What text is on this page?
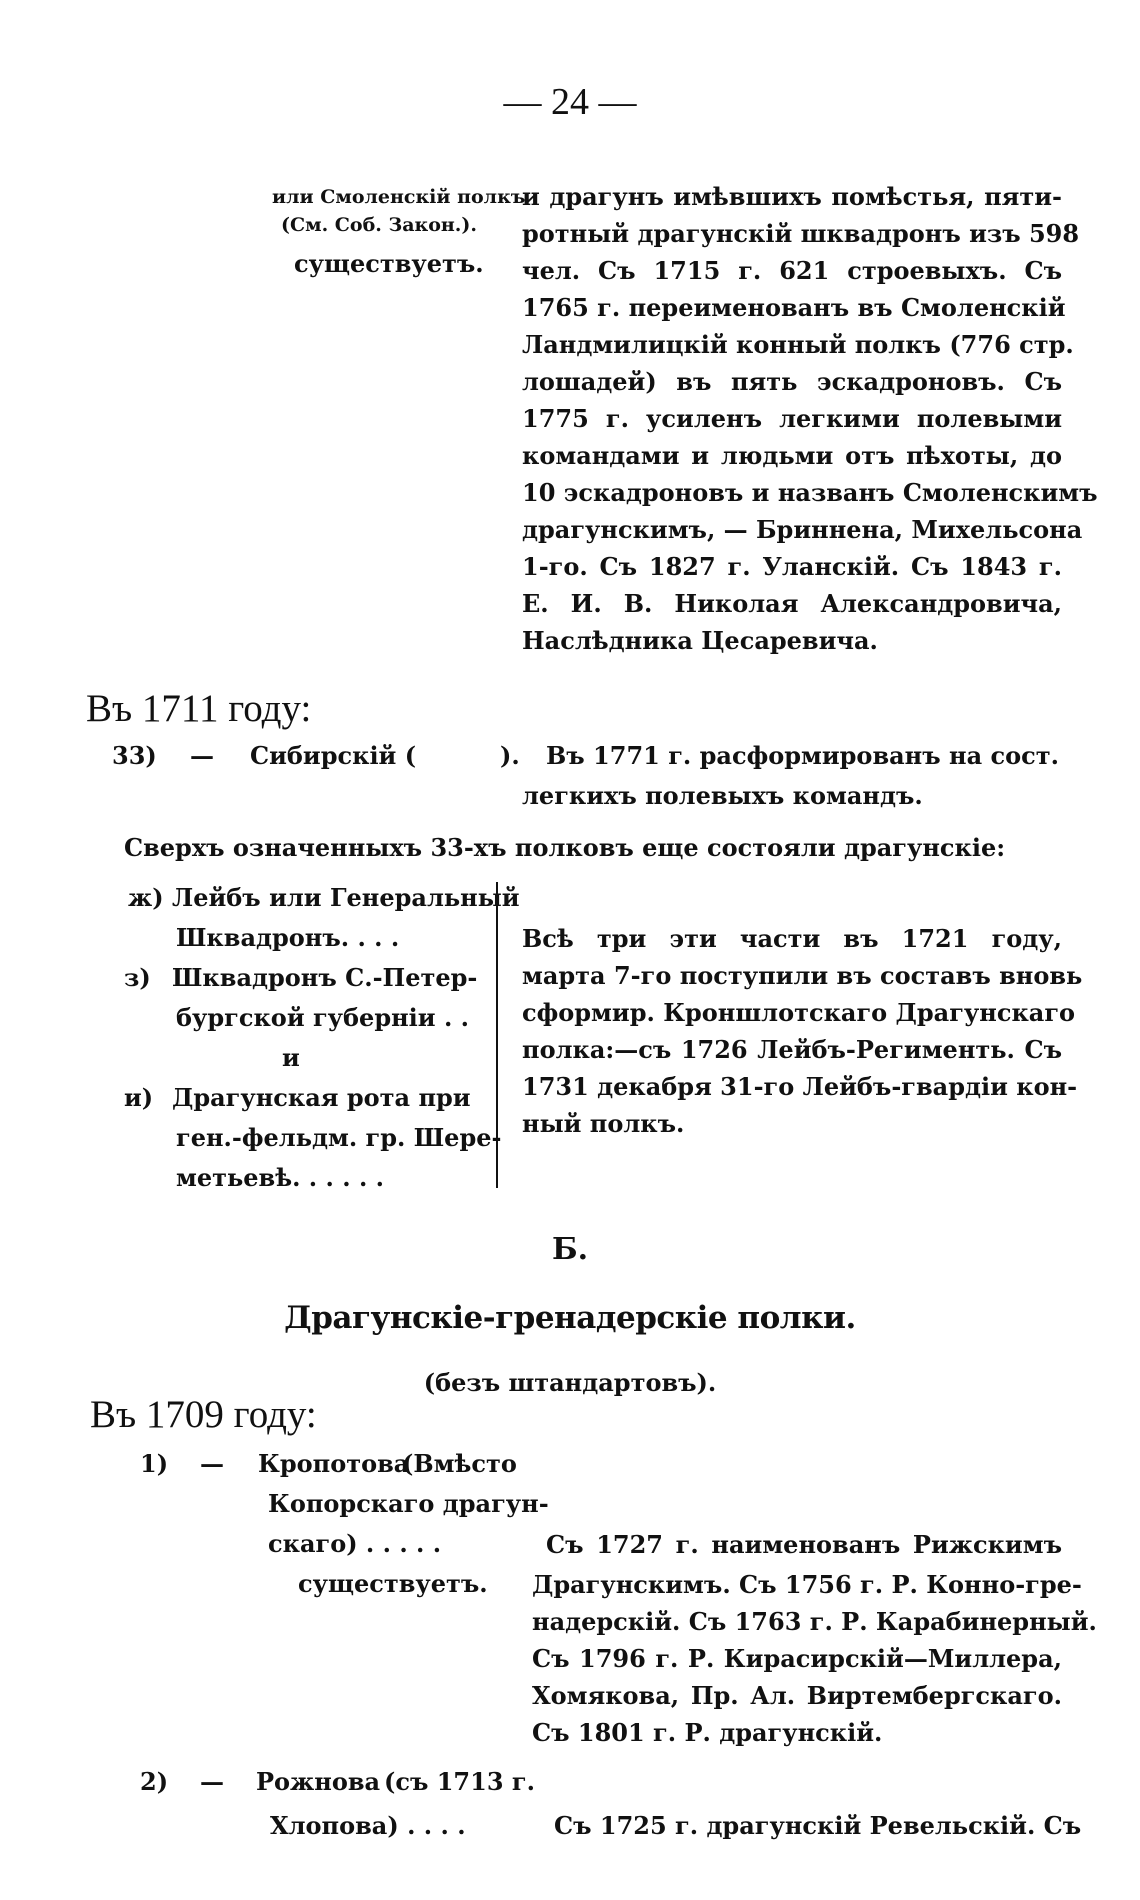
— 24 —
или Смоленскій полкъ
(См. Соб. Закон.).
существуетъ.
и драгунъ имѣвшихъ помѣстья, пяти-
ротный драгунскій шквадронъ изъ 598
чел. Съ 1715 г. 621 строевыхъ. Съ
1765 г. переименованъ въ Смоленскій
Ландмилицкій конный полкъ (776 стр.
лошадей) въ пять эскадроновъ. Съ
1775 г. усиленъ легкими полевыми
командами и людьми отъ пѣхоты, до
10 эскадроновъ и названъ Смоленскимъ
драгунскимъ, — Бриннена, Михельсона
1-го. Съ 1827 г. Уланскій. Съ 1843 г.
Е. И. В. Николая Александровича,
Наслѣдника Цесаревича.
Въ 1711 году:
33) — Сибирскій (	). Въ 1771 г. расформированъ на сост.
легкихъ полевыхъ командъ.
Сверхъ означенныхъ 33-хъ полковъ еще состояли драгунскіе:
ж) Лейбъ или Генеральный
Шквадронъ. . . .
з) Шквадронъ С.-Петер-
бургской губерніи . .
и
и) Драгунская рота при
ген.-фельдм. гр. Шере-
метьевѣ. . . . . .
Всѣ три эти части въ 1721 году,
марта 7-го поступили въ составъ вновь
сформир. Кроншлотскаго Драгунскаго
полка:—съ 1726 Лейбъ-Регименть. Съ
1731 декабря 31-го Лейбъ-гвардіи кон-
ный полкъ.
Б.
Драгунскіе-гренадерскіе полки.
(безъ штандартовъ).
Въ 1709 году:
1) — Кропотова
(Вмѣсто
Копорскаго драгун-
скаго) . . . . .
существуетъ.
Съ 1727 г. наименованъ Рижскимъ
Драгунскимъ. Съ 1756 г. Р. Конно-гре-
надерскій. Съ 1763 г. Р. Карабинерный.
Съ 1796 г. Р. Кирасирскій—Миллера,
Хомякова, Пр. Ал. Виртембергскаго.
Съ 1801 г. Р. драгунскій.
2) — Рожнова (съ 1713 г.
Хлопова) . . . .	Съ 1725 г. драгунскій Ревельскій. Съ
